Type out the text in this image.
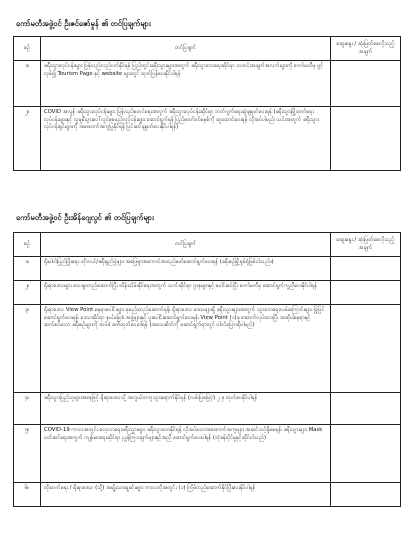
ကော်မတီအဖွဲ့ဝင် ဦးဇင်ဇော်မှုန် ၏ တင်ပြချက်များ
စဉ်	တင်ပြချက်	ဆွေးနွေး / ဆုံးဖြတ်စေလိုသည့် အချက်
၁။	ခရီးသွားလုပ်ငန်းများ ပြန်လည်လည်ပတ်နိုင်ရန် ပြည်တွင်းခရီးသွားများအတွက် ခရီးသွားလာရေးဆိုင်ရာ သတင်းအချက်အလက်များကို ကော်မတီမှ ဖွင့်လှစ်၍ Tourism Page နှင့် website များတွင် ထုတ်ပြန်ပေးနိုင်ပါရန်	
၂။	COVID အလွန် ခရီးသွားလုပ်ငန်းများ ပြန်လည်စတင်ရေးအတွက် ခရီးသွားလုပ်ငန်းဆိုင်ရာ ဘတ်ဂျက်ရေးဆွဲချမှတ်ပေးရန် (ခရီးသွားမြို့တော်ရေးလုပ်ငန်းများနှင့် လူမှုစီးပွားပေါ်လွင်စေမည့်လုပ်ငန်းများ ဆောင်ရွက်ရန် ပြည်တော်ဝင်စနစ်ကို ထူထောင်ပေးရန် လိုအပ်ပါမည်၊ ယင်းအတွက် ခရီးသွားလုပ်ငန်းရှင်များကို အထောက်အကူပြုနိုင်ရန် ပြင်ဆင်ချမှတ်ပေးနိုင်ပါရန်)	
ကော်မတီအဖွဲ့ဝင် ဦးအိန်ဂျေလွင် ၏ တင်ပြချက်များ
စဉ်	တင်ပြချက်	ဆွေးနွေး / ဆုံးဖြတ်စေလိုသည့် အချက်
၁။	ရိုးမါဝါးပြည်ဖြိုးရေး ဟိုတယ်/ခရီးရှည်ပွဲများ အဖြေရှာအကောင်အထည်ဖော်ဆောင်ရွက်ပေးရန် (ခရီးစဉ်မြို့ရှစ်ရုံဖြစ်ပါသည်။)	
၂။	ရိုးရာဒေသများ သေချာတည်ဆောက်ပြီး ထိန်းသိမ်းနိုင်ရေးအတွက် သက်ဆိုင်ရာ ဌာနများနှင့် ပေါင်းစပ်ပြီး ကော်မတီမှ ဆောင်ရွက်ကူညီပေးနိုင်ပါရန်	
၃။	ရိုးရာဒေသ View Point နေရာပေါင်းများ စုစည်းတည်ဆောက်ရန်၊ ရိုးရာဒေသ ဒေသများရှိ ခရီးသွားများအတွက် သွားလာရေးလမ်းကြောင်းများ ပြုပြင်ဆောင်ရွက်ပေးရန်၊ ဒေသဆိုင်ရာ နယ်မြေခံ အဖွဲ့များနှင့် ပူးပေါင်းဆောင်ရွက်ပေးရန်၊ View Point (၁)ခု ဆောက်လုပ်ထားပြီး အဆိုပါနေရာနှင့် ဆက်စပ်သော ခရီးစဉ်များကို ထပ်မံ ဖော်ထုတ်ပေးပါရန် (အသေးစိတ်ကို ဆောင်ရွက်ရာတွင် ပါဝင်ပြောဆိုပါမည်)	
၄။	ခရီးသွားပြည်သူများအနေဖြင့် ရိုးရာဒေသသို့ အလွယ်တကူသွားရောက်နိုင်ရန် (လမ်းပြမြေပုံ) ၂ ခု ထုတ်ဝေနိုင်ပါရန်	
၅။	COVID-19 ကာလအတွင်း လေ့လာရေးခရီးသွားများ ခရီးသွားလာနိုင်ရန် လိုအပ်သောအထောက်အကူများ အဆင်သင့်ရှိစေရန်၊ ခရီးသွားများ Mask ဝတ်ဆင်ရေးအတွက် ကျန်းမာရေးဆိုင်ရာ ညွှန်ကြားချက်များနှင့်အညီ ဆောင်ရွက်ပေးပါရန် (ဘုံခန်းပိုင်မှုနှင့်ဆိုင်ပါသည်)	
၆။	တိုးတက်ရေး / ရိုးရာဒေသ (သို့) အမျိုးသားရှုခင်းများ ကာလတိုအတွင်း (၁) ကြိမ်တည်ဆောက်နိုင်ပြီးပေးနိုင်ပါရန်	
